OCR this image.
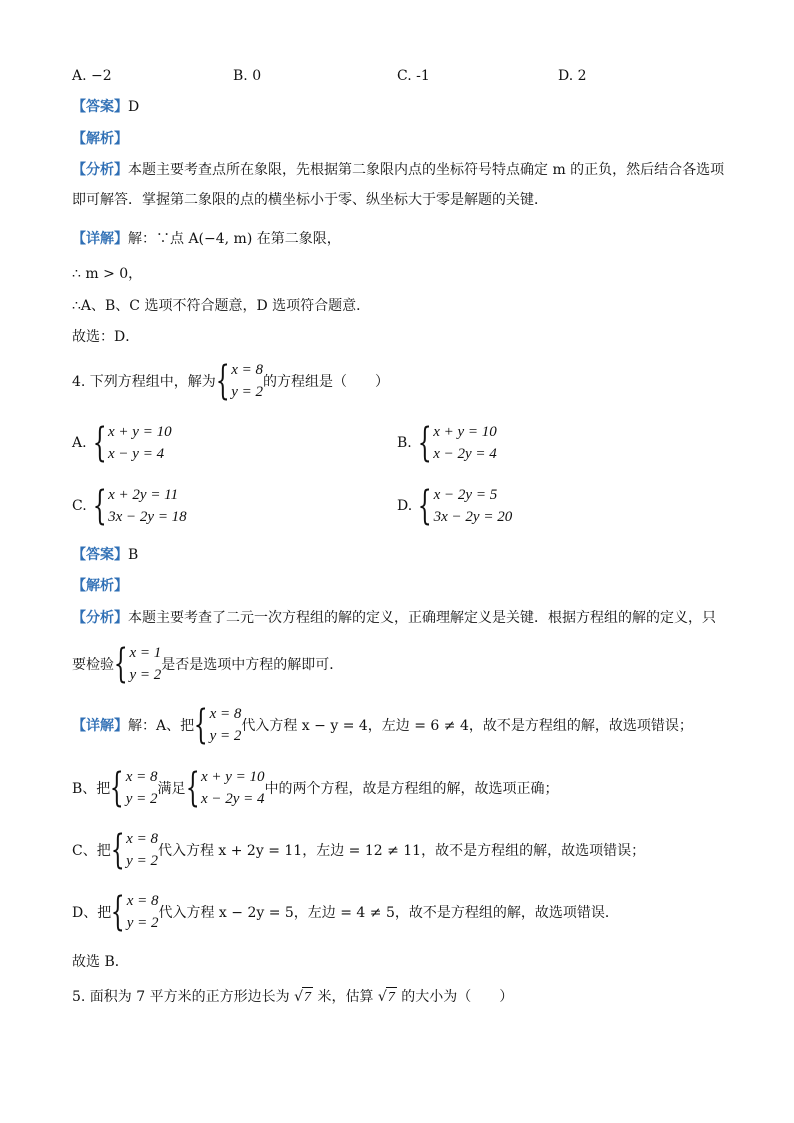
A. −2	B. 0	C. -1	D. 2
【答案】D
【解析】
【分析】本题主要考查点所在象限，先根据第二象限内点的坐标符号特点确定 m 的正负，然后结合各选项
即可解答．掌握第二象限的点的横坐标小于零、纵坐标大于零是解题的关键．
【详解】解：∵点 A(−4, m) 在第二象限，
∴ m > 0，
∴A、B、C 选项不符合题意，D 选项符合题意．
故选：D．
4. 下列方程组中，解为 { x = 8
y = 2
的方程组是（　　）
A. { x + y = 10
x − y = 4
B. { x + y = 10
x − 2y = 4
C. { x + 2y = 11
3x − 2y = 18
D. { x − 2y = 5
3x − 2y = 20
【答案】B
【解析】
【分析】本题主要考查了二元一次方程组的解的定义，正确理解定义是关键．根据方程组的解的定义，只
要检验 { x = 1
y = 2
是否是选项中方程的解即可．
【详解】 解：A、把 { x = 8
y = 2
代入方程 x − y = 4，左边 = 6 ≠ 4，故不是方程组的解，故选项错误；
B、把 { x = 8
y = 2
满足 { x + y = 10
x − 2y = 4
中的两个方程，故是方程组的解，故选项正确；
C、把 { x = 8
y = 2
代入方程 x + 2y = 11，左边 = 12 ≠ 11，故不是方程组的解，故选项错误；
D、把 { x = 8
y = 2
代入方程 x − 2y = 5，左边 = 4 ≠ 5，故不是方程组的解，故选项错误．
故选 B．
5. 面积为 7 平方米的正方形边长为 √7 米，估算 √7 的大小为（　　）
